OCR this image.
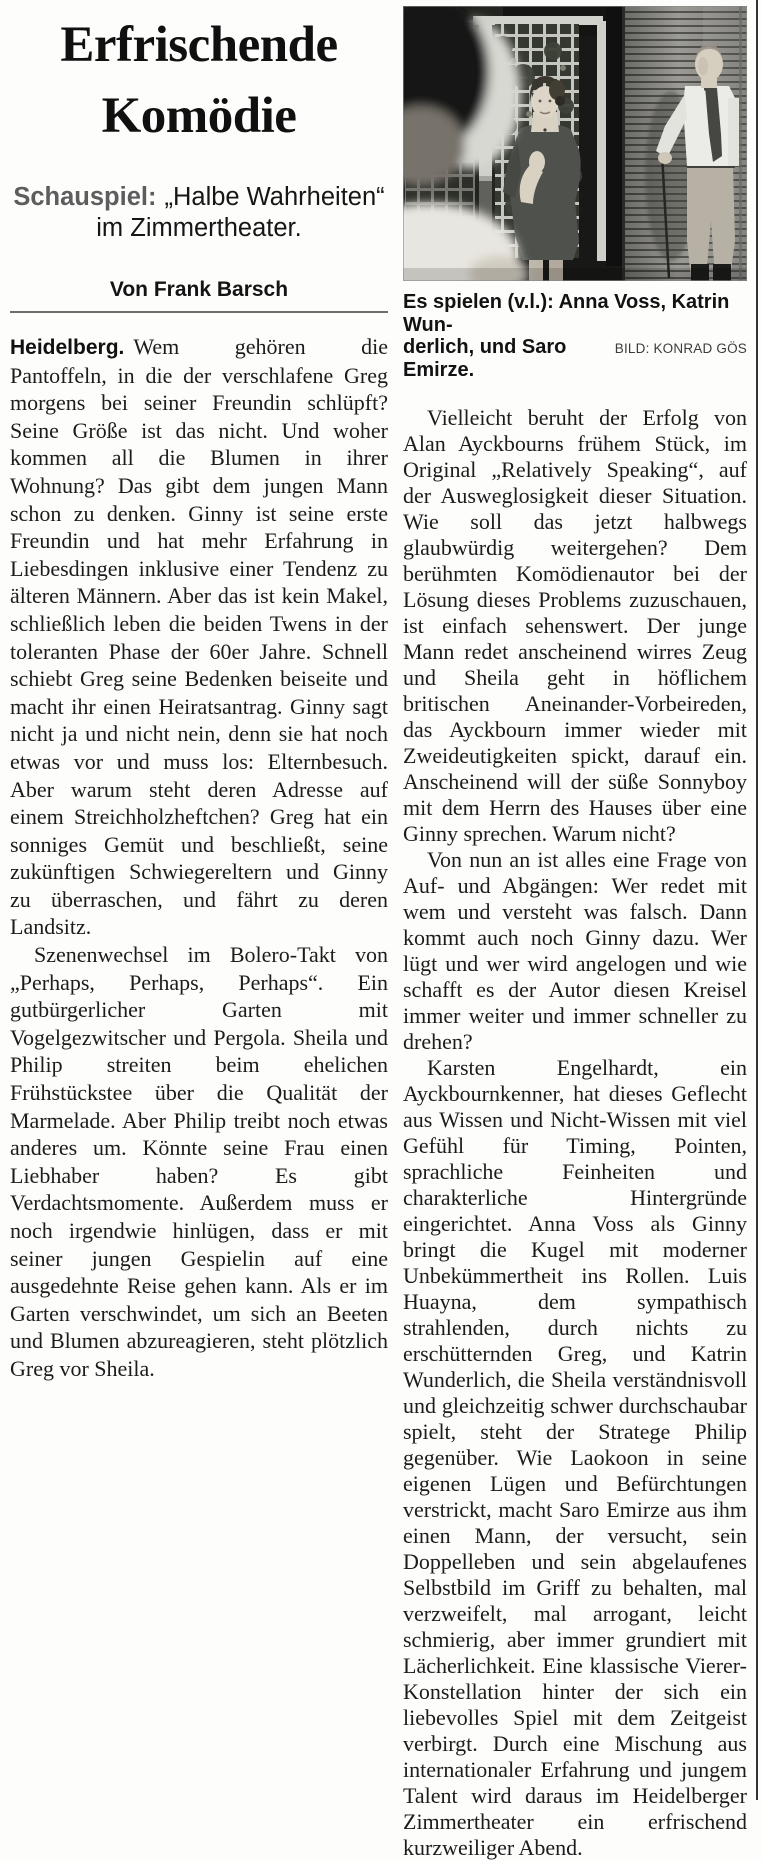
Erfrischende
Komödie
Schauspiel: „Halbe Wahrheiten“ im Zimmertheater.
Von Frank Barsch

Heidelberg. Wem gehören die Pantoffeln, in die der verschlafene Greg morgens bei seiner Freundin schlüpft? Seine Größe ist das nicht. Und woher kommen all die Blumen in ihrer Wohnung? Das gibt dem jungen Mann schon zu denken. Ginny ist seine erste Freundin und hat mehr Erfahrung in Liebesdingen inklusive einer Tendenz zu älteren Männern. Aber das ist kein Makel, schließlich leben die beiden Twens in der toleranten Phase der 60er Jahre. Schnell schiebt Greg seine Bedenken beiseite und macht ihr einen Heiratsantrag. Ginny sagt nicht ja und nicht nein, denn sie hat noch etwas vor und muss los: Elternbesuch. Aber warum steht deren Adresse auf einem Streichholzheftchen? Greg hat ein sonniges Gemüt und beschließt, seine zukünftigen Schwiegereltern und Ginny zu überraschen, und fährt zu deren Landsitz.

Szenenwechsel im Bolero-Takt von „Perhaps, Perhaps, Perhaps“. Ein gutbürgerlicher Garten mit Vogelgezwitscher und Pergola. Sheila und Philip streiten beim ehelichen Frühstückstee über die Qualität der Marmelade. Aber Philip treibt noch etwas anderes um. Könnte seine Frau einen Liebhaber haben? Es gibt Verdachtsmomente. Außerdem muss er noch irgendwie hinlügen, dass er mit seiner jungen Gespielin auf eine ausgedehnte Reise gehen kann. Als er im Garten verschwindet, um sich an Beeten und Blumen abzureagieren, steht plötzlich Greg vor Sheila.

Es spielen (v.l.): Anna Voss, Katrin Wun-
derlich, und Saro Emirze.
BILD: KONRAD GÖS

Vielleicht beruht der Erfolg von Alan Ayckbourns frühem Stück, im Original „Relatively Speaking“, auf der Ausweglosigkeit dieser Situation. Wie soll das jetzt halbwegs glaubwürdig weitergehen? Dem berühmten Komödienautor bei der Lösung dieses Problems zuzuschauen, ist einfach sehenswert. Der junge Mann redet anscheinend wirres Zeug und Sheila geht in höflichem britischen Aneinander-Vorbeireden, das Ayckbourn immer wieder mit Zweideutigkeiten spickt, darauf ein. Anscheinend will der süße Sonnyboy mit dem Herrn des Hauses über eine Ginny sprechen. Warum nicht?

Von nun an ist alles eine Frage von Auf- und Abgängen: Wer redet mit wem und versteht was falsch. Dann kommt auch noch Ginny dazu. Wer lügt und wer wird angelogen und wie schafft es der Autor diesen Kreisel immer weiter und immer schneller zu drehen?

Karsten Engelhardt, ein Ayckbournkenner, hat dieses Geflecht aus Wissen und Nicht-Wissen mit viel Gefühl für Timing, Pointen, sprachliche Feinheiten und charakterliche Hintergründe eingerichtet. Anna Voss als Ginny bringt die Kugel mit moderner Unbekümmertheit ins Rollen. Luis Huayna, dem sympathisch strahlenden, durch nichts zu erschütternden Greg, und Katrin Wunderlich, die Sheila verständnisvoll und gleichzeitig schwer durchschaubar spielt, steht der Stratege Philip gegenüber. Wie Laokoon in seine eigenen Lügen und Befürchtungen verstrickt, macht Saro Emirze aus ihm einen Mann, der versucht, sein Doppelleben und sein abgelaufenes Selbstbild im Griff zu behalten, mal verzweifelt, mal arrogant, leicht schmierig, aber immer grundiert mit Lächerlichkeit. Eine klassische Vierer-Konstellation hinter der sich ein liebevolles Spiel mit dem Zeitgeist verbirgt. Durch eine Mischung aus internationaler Erfahrung und jungem Talent wird daraus im Heidelberger Zimmertheater ein erfrischend kurzweiliger Abend.
